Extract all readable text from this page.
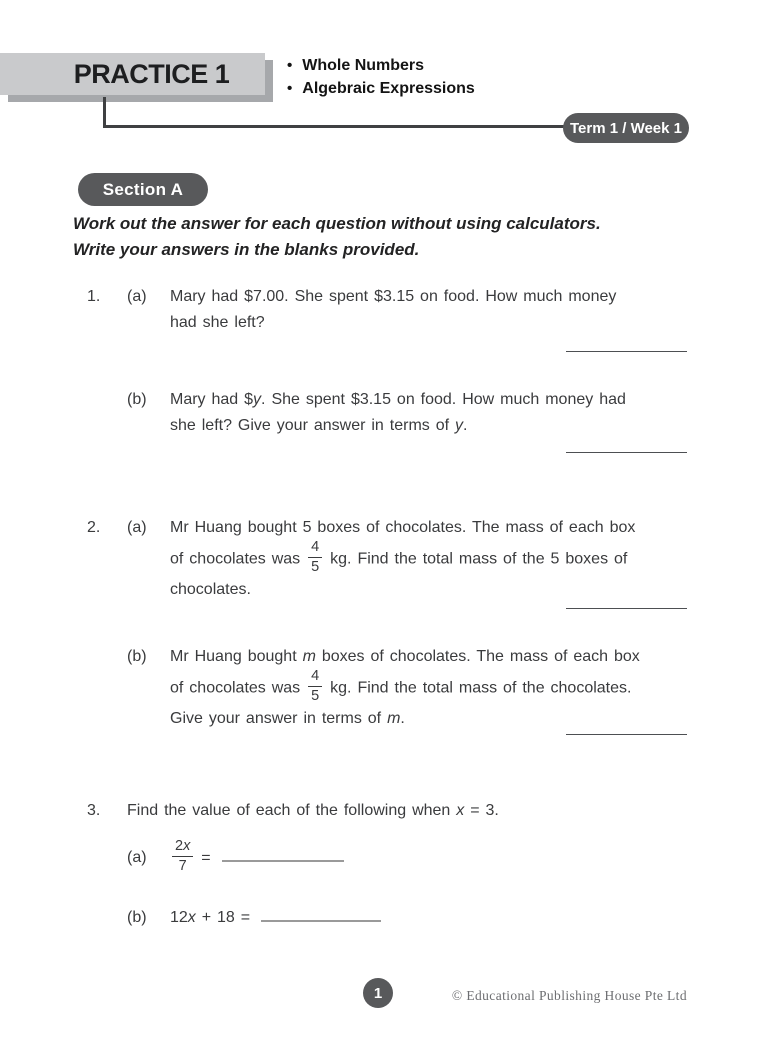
PRACTICE 1	• Whole Numbers
• Algebraic Expressions
Term 1 / Week 1
Section A
Work out the answer for each question without using calculators.
Write your answers in the blanks provided.
1.	(a)	Mary had $7.00. She spent $3.15 on food. How much money
had she left?
(b)	Mary had $y. She spent $3.15 on food. How much money had
she left? Give your answer in terms of y.
2.	(a)	Mr Huang bought 5 boxes of chocolates. The mass of each box
of chocolates was $\frac{4}{5}$ kg. Find the total mass of the 5 boxes of
chocolates.
(b)	Mr Huang bought m boxes of chocolates. The mass of each box
of chocolates was $\frac{4}{5}$ kg. Find the total mass of the chocolates.
Give your answer in terms of m.
3.	Find the value of each of the following when x = 3.
(a)	$\frac{2x}{7}$ =
(b)	12x + 18 =
1	© Educational Publishing House Pte Ltd
